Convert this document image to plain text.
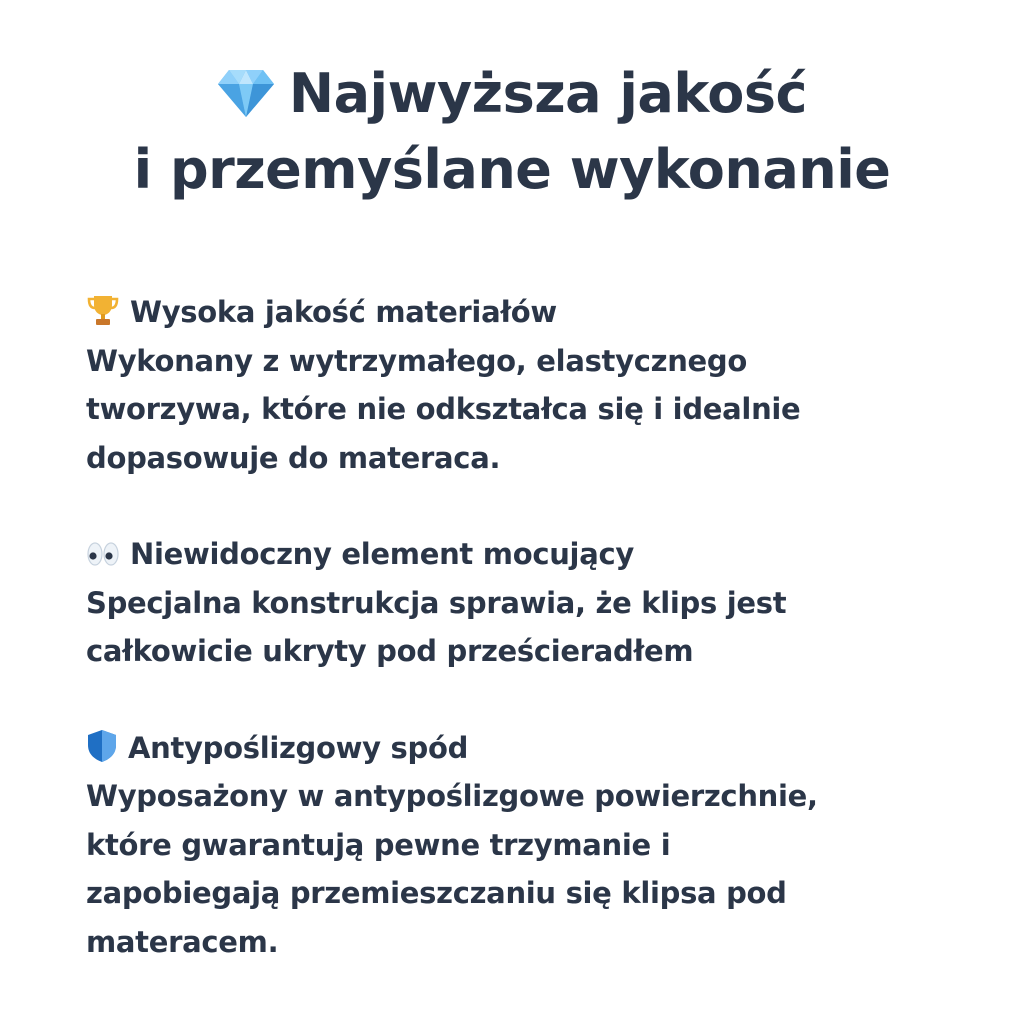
Najwyższa jakość
i przemyślane wykonanie
Wysoka jakość materiałów
Wykonany z wytrzymałego, elastycznego
tworzywa, które nie odkształca się i idealnie
dopasowuje do materaca.
Niewidoczny element mocujący
Specjalna konstrukcja sprawia, że klips jest
całkowicie ukryty pod prześcieradłem
Antypoślizgowy spód
Wyposażony w antypoślizgowe powierzchnie,
które gwarantują pewne trzymanie i
zapobiegają przemieszczaniu się klipsa pod
materacem.
